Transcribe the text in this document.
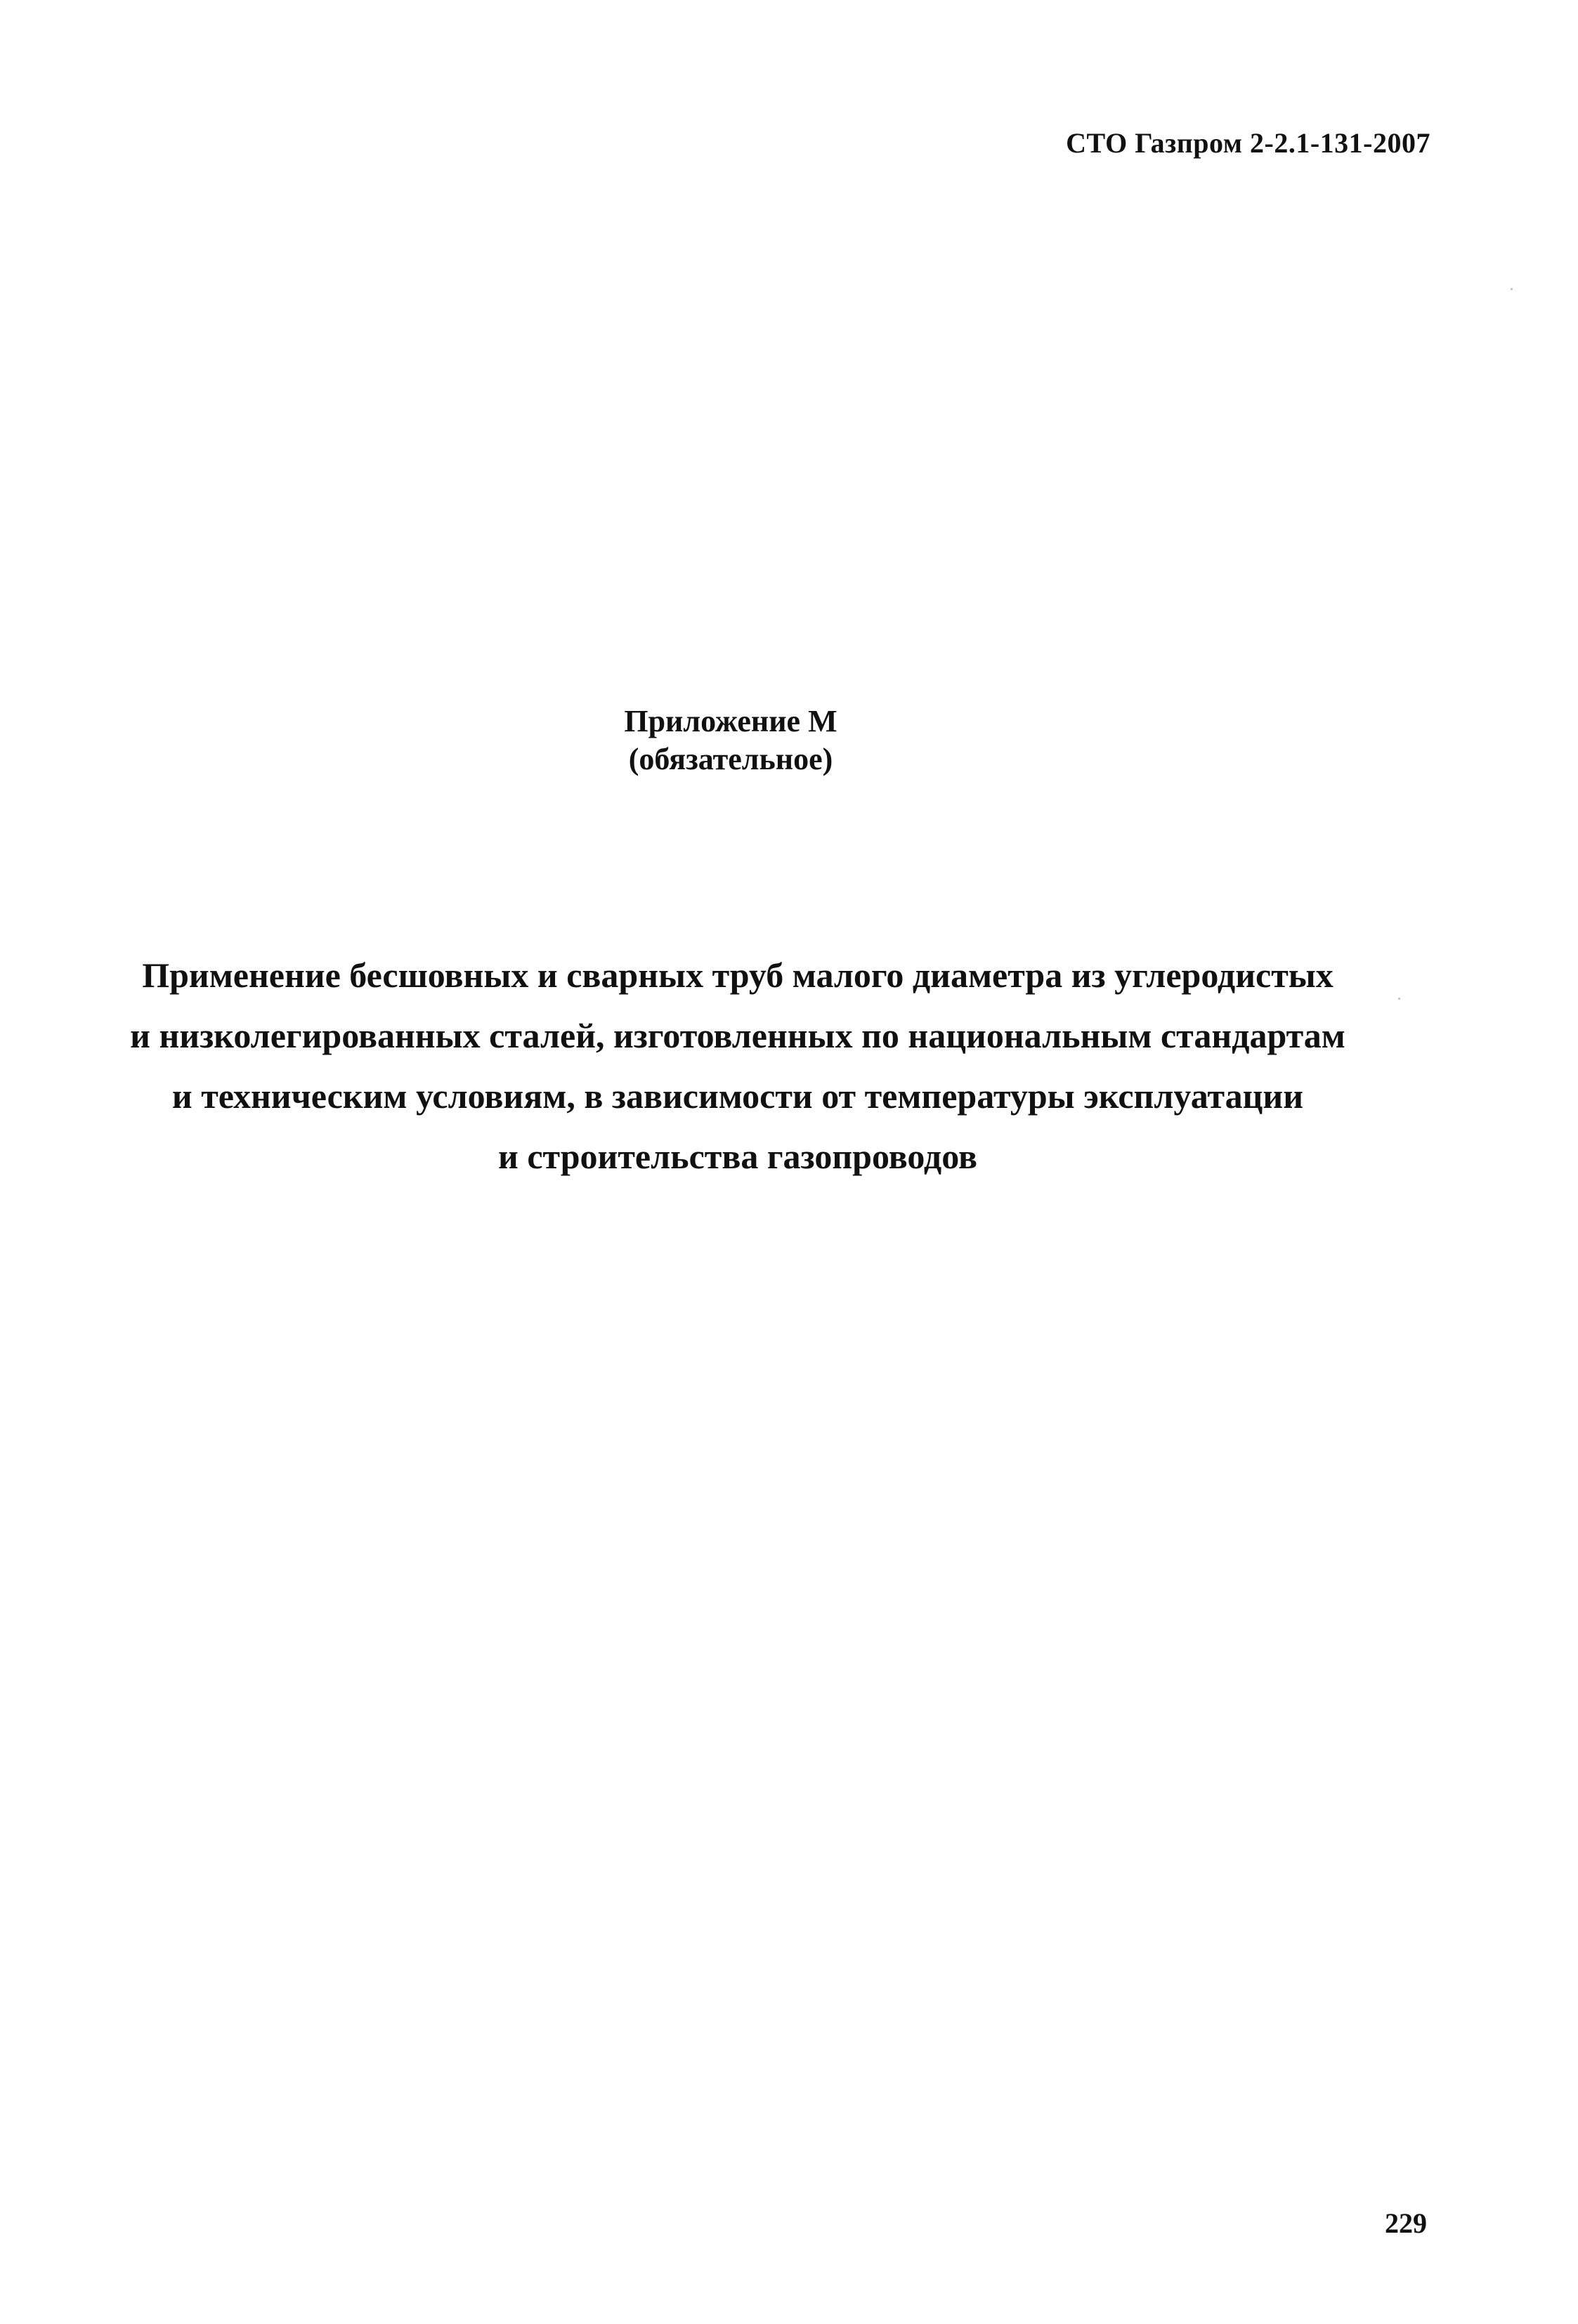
СТО Газпром 2-2.1-131-2007
Приложение М
(обязательное)
Применение бесшовных и сварных труб малого диаметра из углеродистых
и низколегированных сталей, изготовленных по национальным стандартам
и техническим условиям, в зависимости от температуры эксплуатации
и строительства газопроводов
229
